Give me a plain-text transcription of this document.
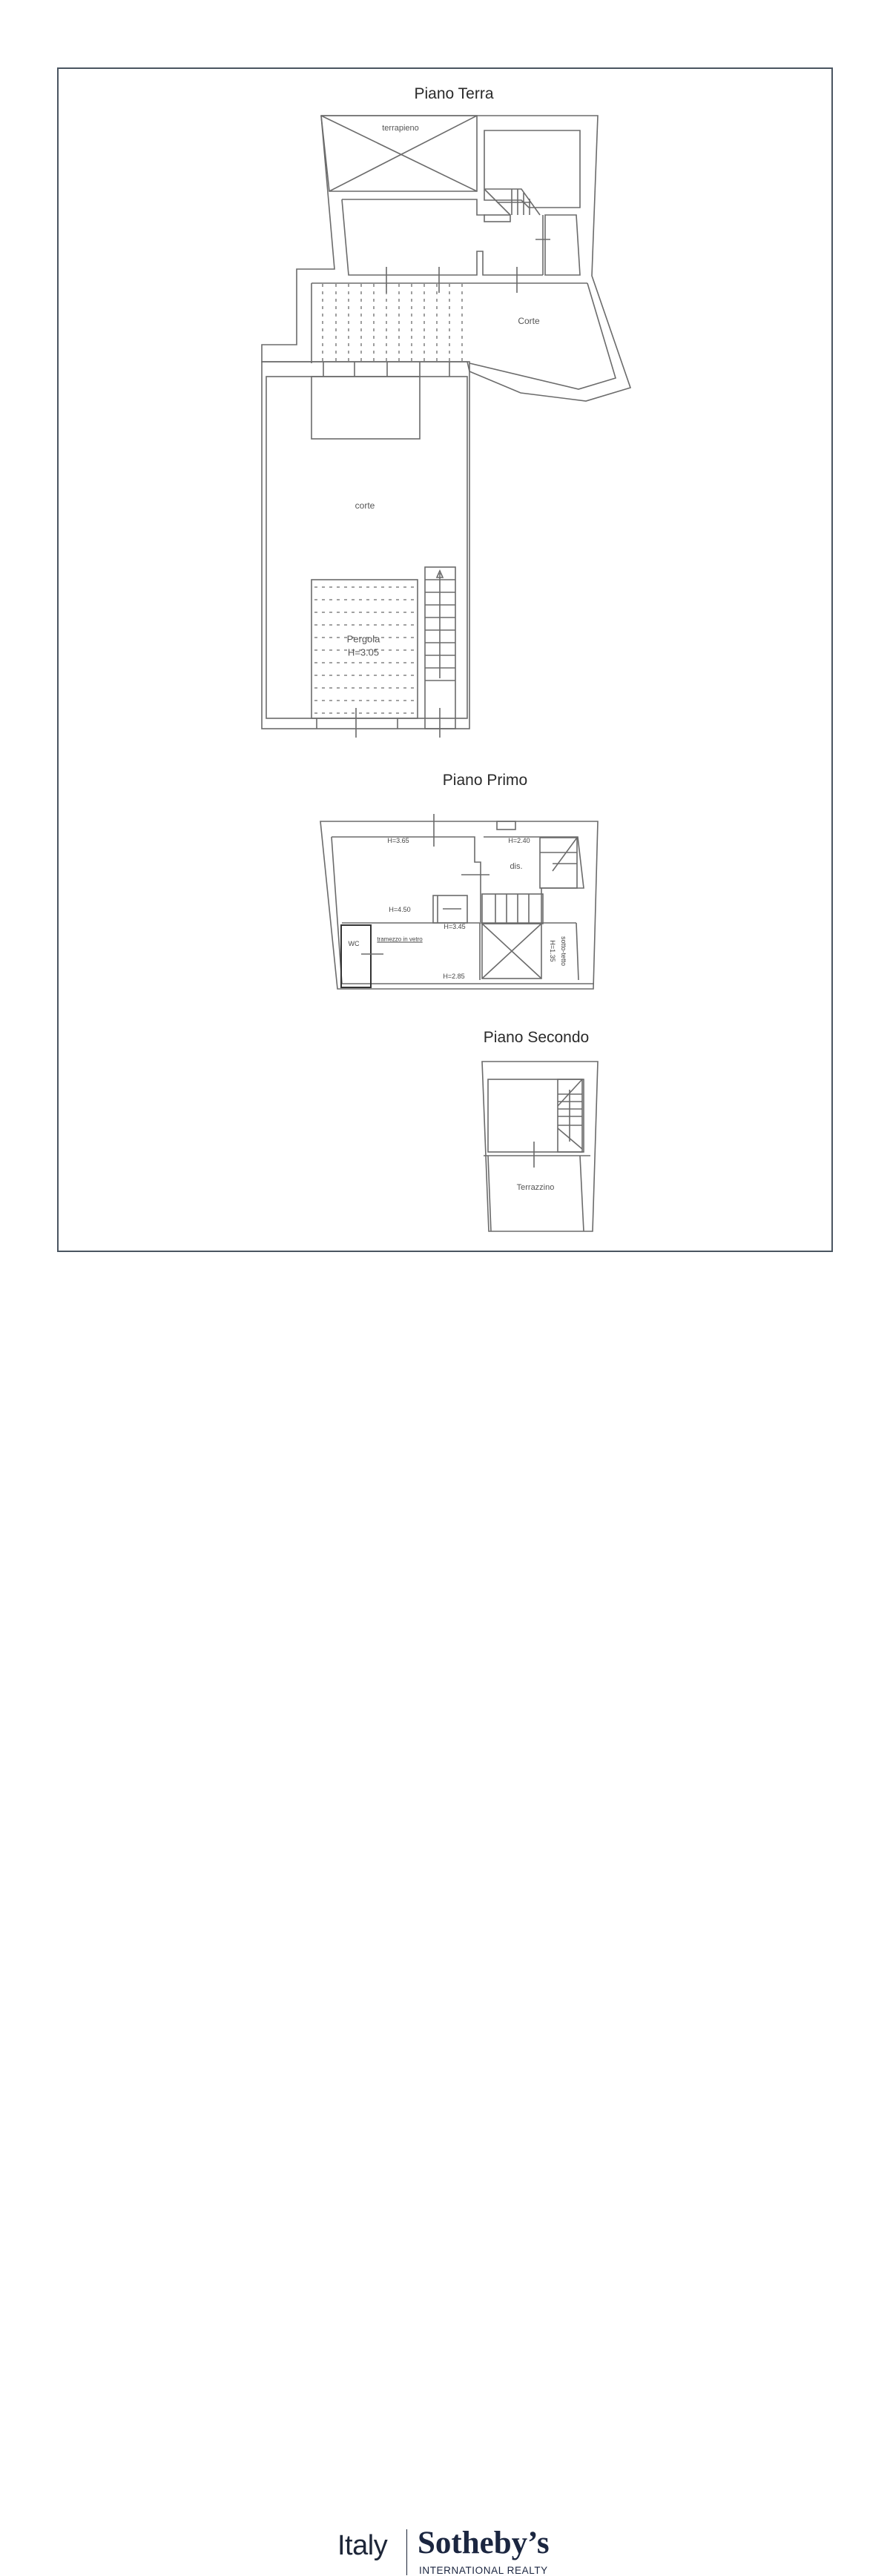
Piano Terra
Piano Primo
Piano Secondo
terrapieno
Corte
corte
Pergola
H=3.05
H=3.65	H=2.40
dis.
H=4.50
H=3.45
WC
tramezzo in vetro
H=2.85
sotto-tetto
H=1.35
Terrazzino
Italy Sotheby’s
INTERNATIONAL REALTY
